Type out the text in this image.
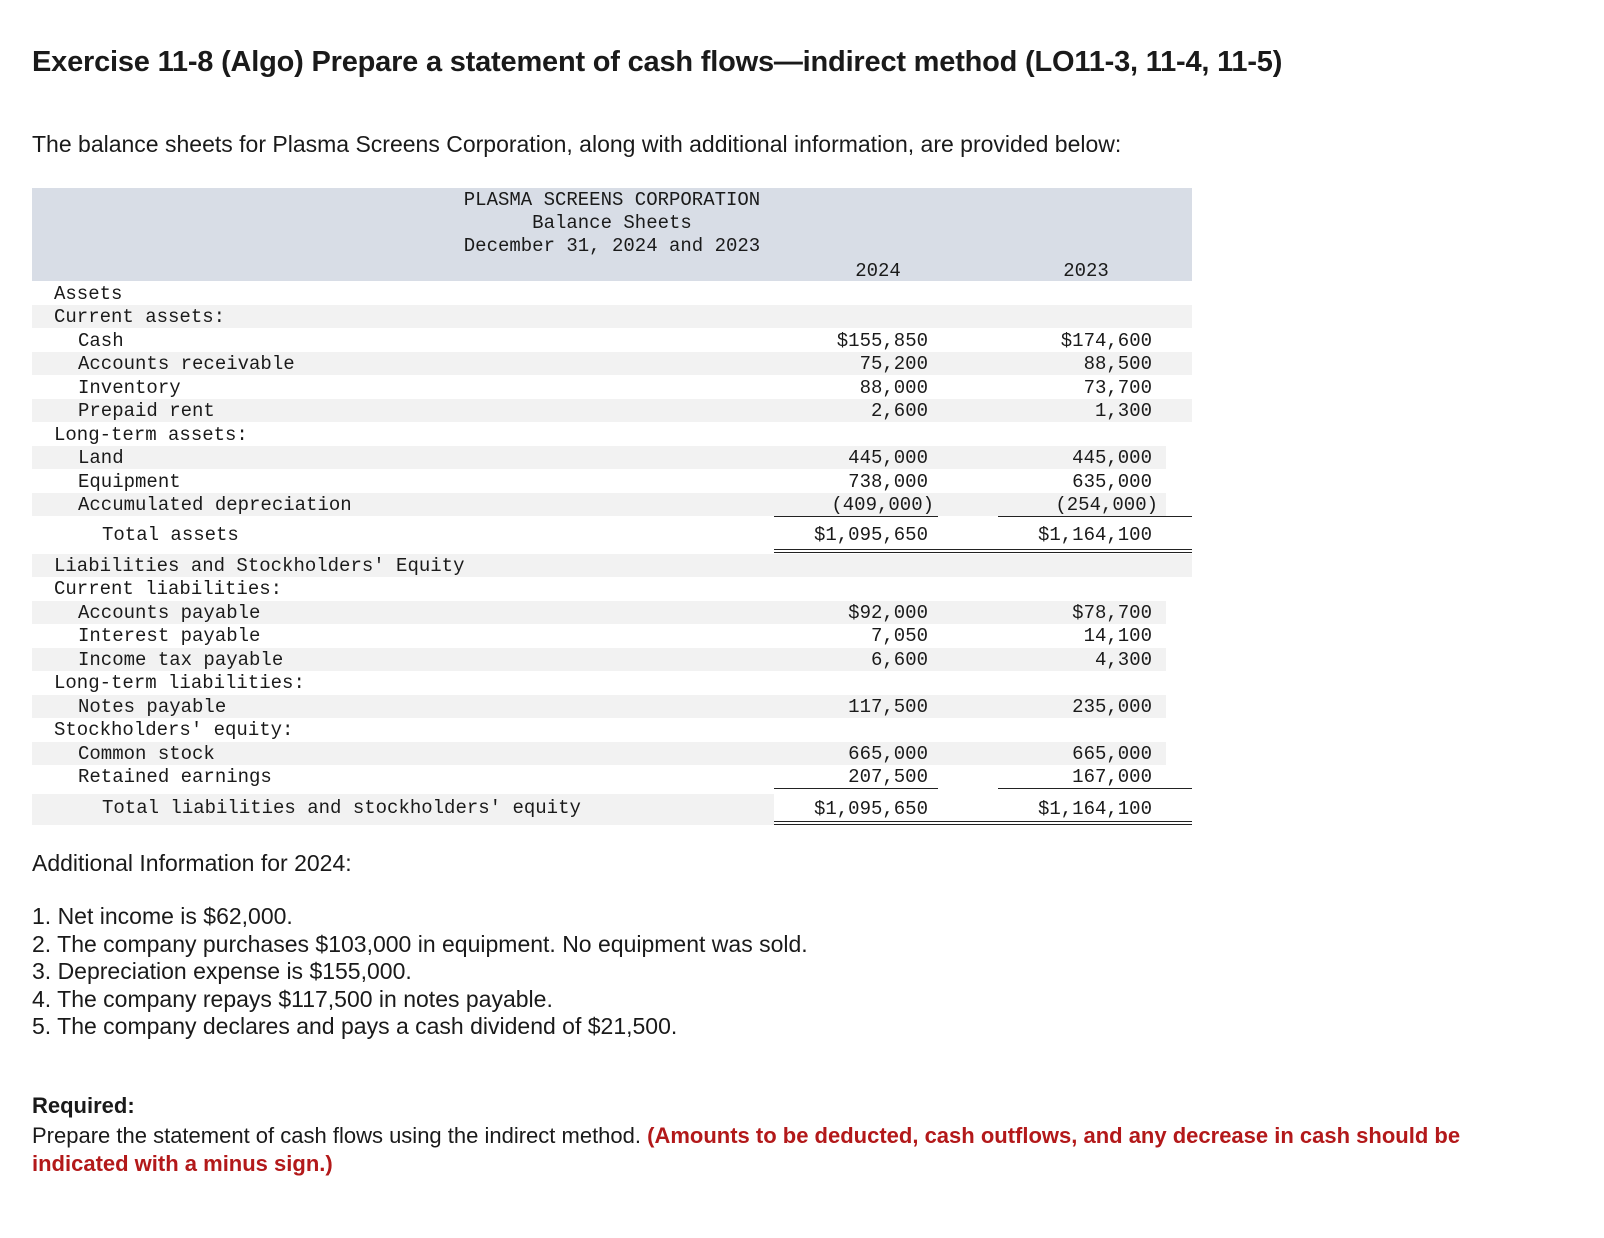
Exercise 11-8 (Algo) Prepare a statement of cash flows—indirect method (LO11-3, 11-4, 11-5)

The balance sheets for Plasma Screens Corporation, along with additional information, are provided below:

PLASMA SCREENS CORPORATION
Balance Sheets
December 31, 2024 and 2023
2024	2023
Assets
Current assets:
Cash	$155,850	$174,600
Accounts receivable	75,200	88,500
Inventory	88,000	73,700
Prepaid rent	2,600	1,300
Long-term assets:
Land	445,000	445,000
Equipment	738,000	635,000
Accumulated depreciation	(409,000)	(254,000)
Total assets	$1,095,650	$1,164,100
Liabilities and Stockholders' Equity
Current liabilities:
Accounts payable	$92,000	$78,700
Interest payable	7,050	14,100
Income tax payable	6,600	4,300
Long-term liabilities:
Notes payable	117,500	235,000
Stockholders' equity:
Common stock	665,000	665,000
Retained earnings	207,500	167,000
Total liabilities and stockholders' equity	$1,095,650	$1,164,100

Additional Information for 2024:

1. Net income is $62,000.
2. The company purchases $103,000 in equipment. No equipment was sold.
3. Depreciation expense is $155,000.
4. The company repays $117,500 in notes payable.
5. The company declares and pays a cash dividend of $21,500.

Required:

Prepare the statement of cash flows using the indirect method. (Amounts to be deducted, cash outflows, and any decrease in cash should be indicated with a minus sign.)
